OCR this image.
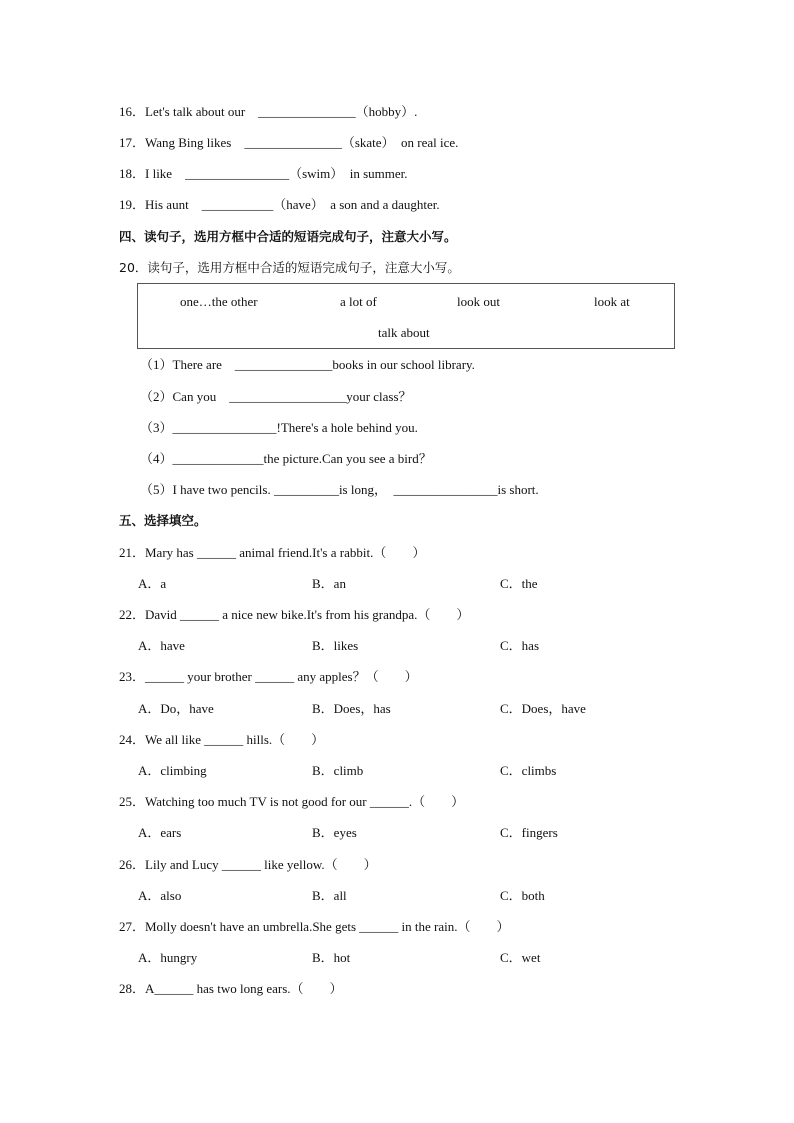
16．Let's talk about our    _______________（hobby）.
17．Wang Bing likes    _______________（skate）  on real ice.
18．I like    ________________（swim）  in summer.
19．His aunt    ___________（have）  a son and a daughter.
四、读句子，选用方框中合适的短语完成句子，注意大小写。
20．读句子，选用方框中合适的短语完成句子，注意大小写。
one…the other	a lot of	look out	look at
talk about
（1）There are    _______________books in our school library.
（2）Can you    __________________your class？
（3）________________!There's a hole behind you.
（4）______________the picture.Can you see a bird？
（5）I have two pencils. __________is long，  ________________is short.
五、选择填空。
21．Mary has ______ animal friend.It's a rabbit.（　　）
A．a	B．an	C．the
22．David ______ a nice new bike.It's from his grandpa.（　　）
A．have	B．likes	C．has
23．______ your brother ______ any apples？（　　）
A．Do，have	B．Does，has	C．Does，have
24．We all like ______ hills.（　　）
A．climbing	B．climb	C．climbs
25．Watching too much TV is not good for our ______.（　　）
A．ears	B．eyes	C．fingers
26．Lily and Lucy ______ like yellow.（　　）
A．also	B．all	C．both
27．Molly doesn't have an umbrella.She gets ______ in the rain.（　　）
A．hungry	B．hot	C．wet
28．A______ has two long ears.（　　）
